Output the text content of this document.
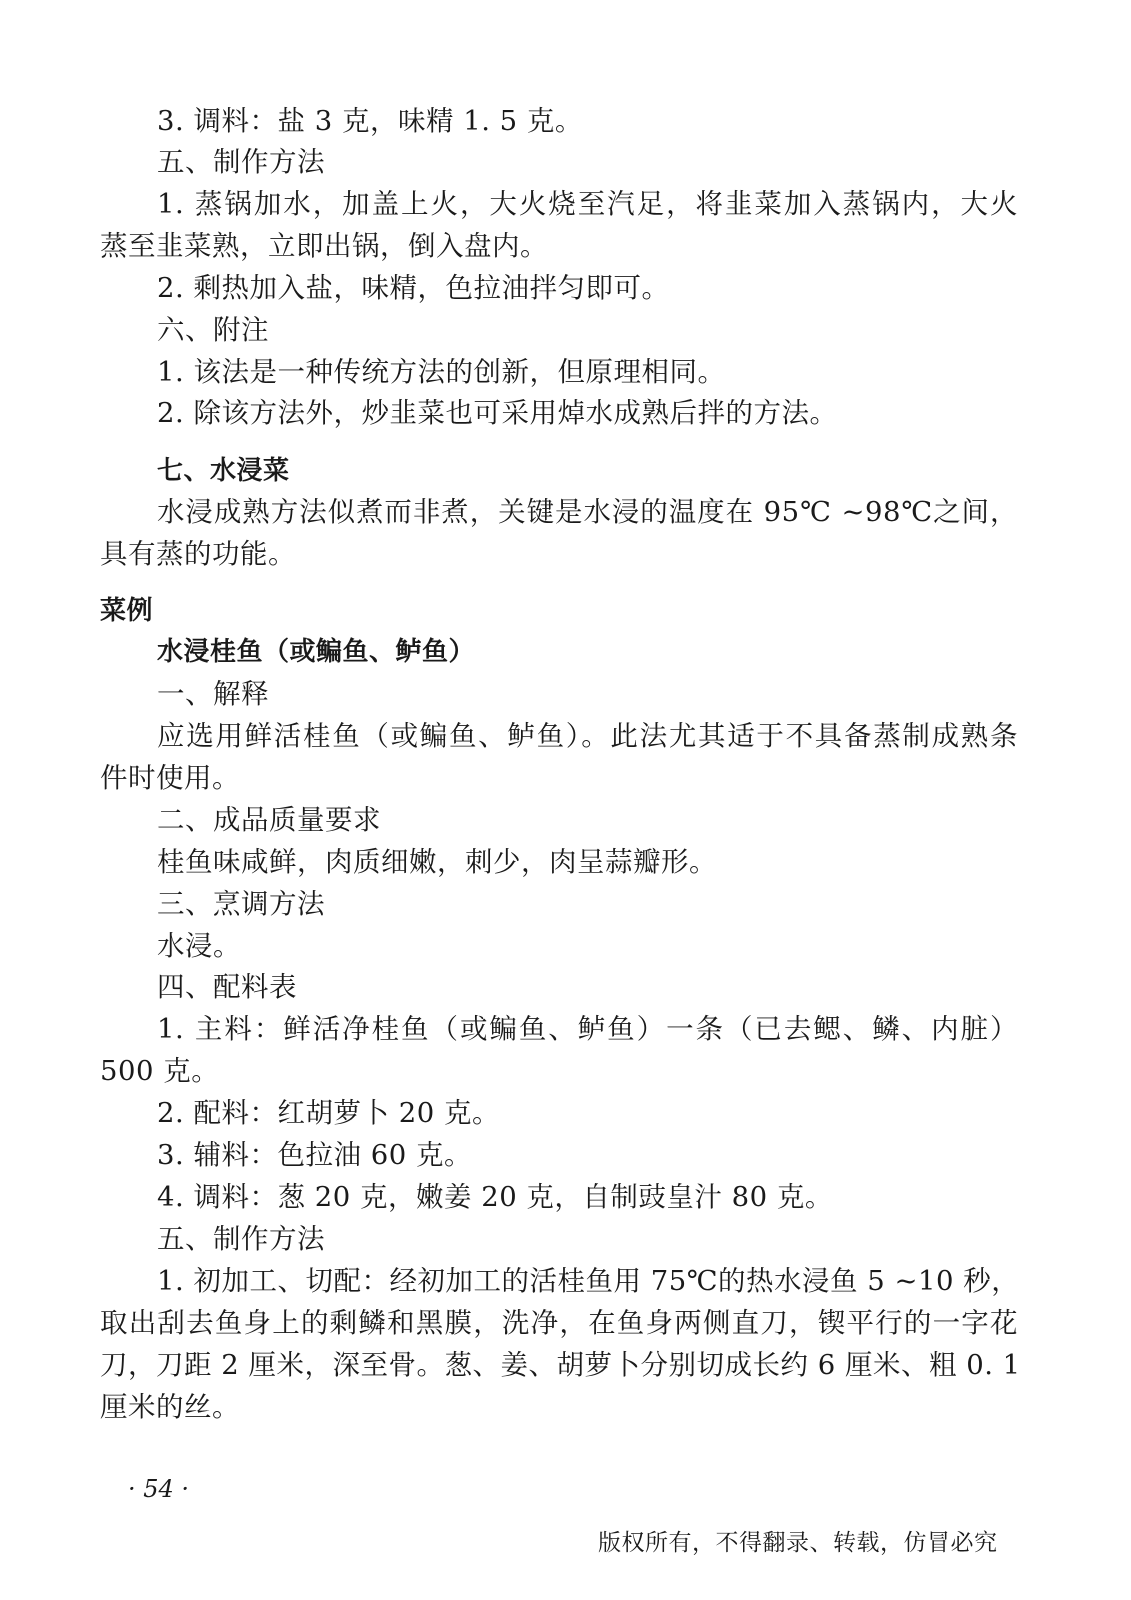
3. 调料：盐 3 克，味精 1. 5 克。

五、制作方法

1. 蒸锅加水，加盖上火，大火烧至汽足，将韭菜加入蒸锅内，大火

蒸至韭菜熟，立即出锅，倒入盘内。

2. 剩热加入盐，味精，色拉油拌匀即可。

六、附注

1. 该法是一种传统方法的创新，但原理相同。

2. 除该方法外，炒韭菜也可采用焯水成熟后拌的方法。

七、水浸菜

水浸成熟方法似煮而非煮，关键是水浸的温度在 95℃ ~98℃之间，

具有蒸的功能。

菜例

水浸桂鱼（或鳊鱼、鲈鱼）

一、解释

应选用鲜活桂鱼（或鳊鱼、鲈鱼）。此法尤其适于不具备蒸制成熟条

件时使用。

二、成品质量要求

桂鱼味咸鲜，肉质细嫩，刺少，肉呈蒜瓣形。

三、烹调方法

水浸。

四、配料表

1. 主料：鲜活净桂鱼（或鳊鱼、鲈鱼）一条（已去鳃、鳞、内脏）

500 克。

2. 配料：红胡萝卜 20 克。

3. 辅料：色拉油 60 克。

4. 调料：葱 20 克，嫩姜 20 克，自制豉皇汁 80 克。

五、制作方法

1. 初加工、切配：经初加工的活桂鱼用 75℃的热水浸鱼 5 ~10 秒，

取出刮去鱼身上的剩鳞和黑膜，洗净，在鱼身两侧直刀，锲平行的一字花

刀，刀距 2 厘米，深至骨。葱、姜、胡萝卜分别切成长约 6 厘米、粗 0. 1

厘米的丝。

· 54 ·
版权所有，不得翻录、转载，仿冒必究
